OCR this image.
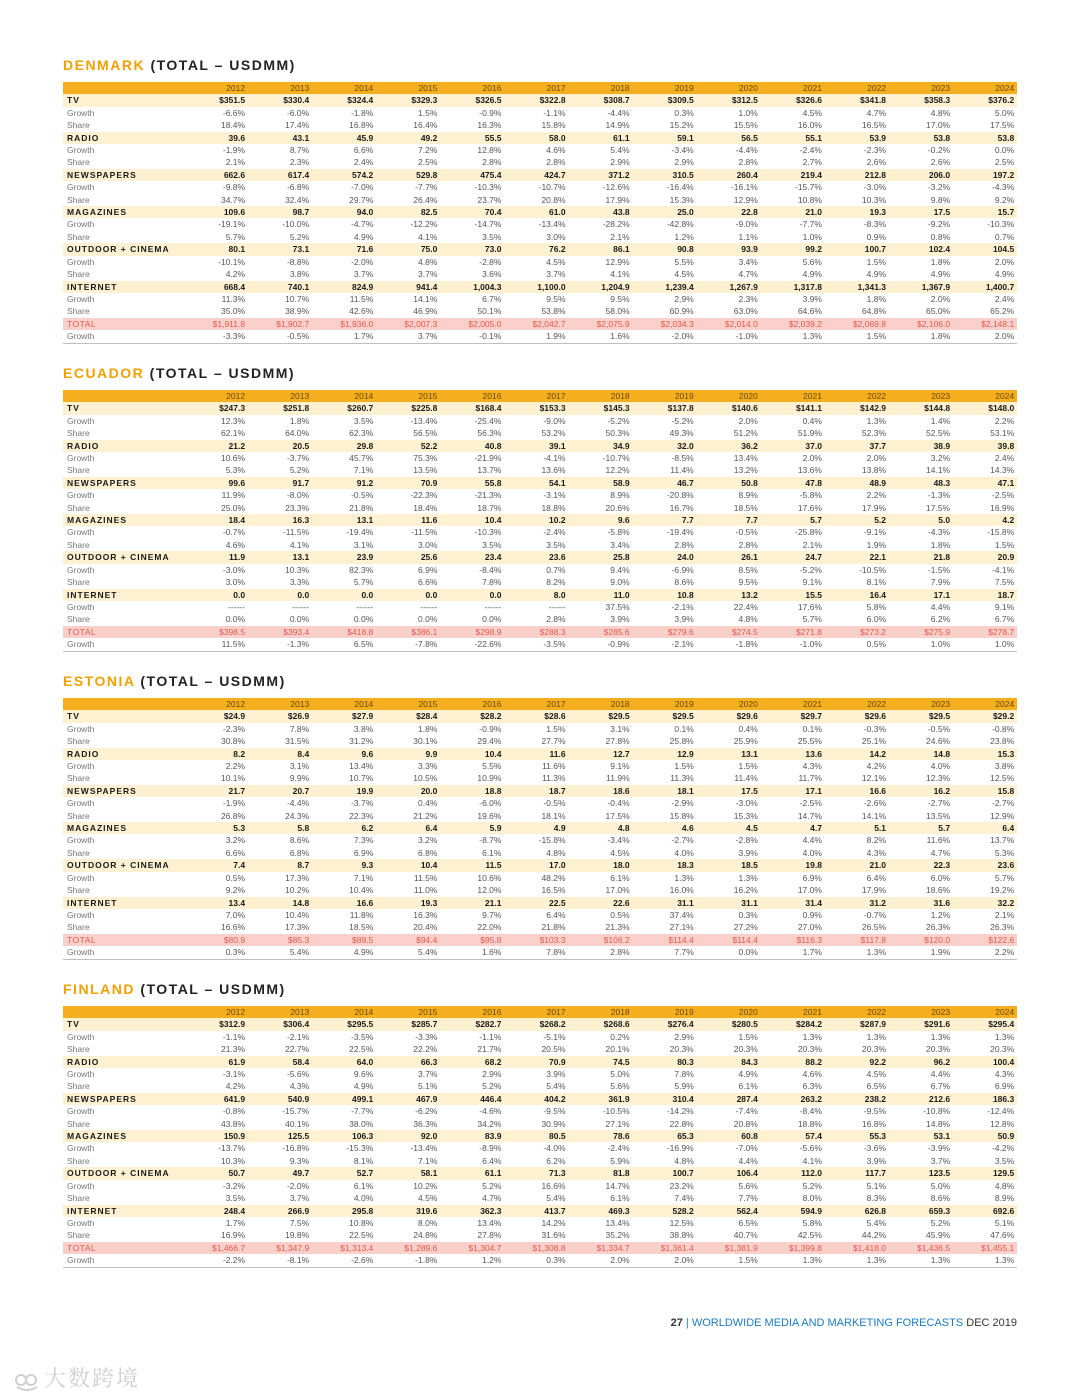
DENMARK (TOTAL – USDMM)
	2012	2013	2014	2015	2016	2017	2018	2019	2020	2021	2022	2023	2024
TV	$351.5	$330.4	$324.4	$329.3	$326.5	$322.8	$308.7	$309.5	$312.5	$326.6	$341.8	$358.3	$376.2
Growth	-6.6%	-6.0%	-1.8%	1.5%	-0.9%	-1.1%	-4.4%	0.3%	1.0%	4.5%	4.7%	4.8%	5.0%
Share	18.4%	17.4%	16.8%	16.4%	16.3%	15.8%	14.9%	15.2%	15.5%	16.0%	16.5%	17.0%	17.5%
RADIO	39.6	43.1	45.9	49.2	55.5	58.0	61.1	59.1	56.5	55.1	53.9	53.8	53.8
Growth	-1.9%	8.7%	6.6%	7.2%	12.8%	4.6%	5.4%	-3.4%	-4.4%	-2.4%	-2.3%	-0.2%	0.0%
Share	2.1%	2.3%	2.4%	2.5%	2.8%	2.8%	2.9%	2.9%	2.8%	2.7%	2.6%	2.6%	2.5%
NEWSPAPERS	662.6	617.4	574.2	529.8	475.4	424.7	371.2	310.5	260.4	219.4	212.8	206.0	197.2
Growth	-9.8%	-6.8%	-7.0%	-7.7%	-10.3%	-10.7%	-12.6%	-16.4%	-16.1%	-15.7%	-3.0%	-3.2%	-4.3%
Share	34.7%	32.4%	29.7%	26.4%	23.7%	20.8%	17.9%	15.3%	12.9%	10.8%	10.3%	9.8%	9.2%
MAGAZINES	109.6	98.7	94.0	82.5	70.4	61.0	43.8	25.0	22.8	21.0	19.3	17.5	15.7
Growth	-19.1%	-10.0%	-4.7%	-12.2%	-14.7%	-13.4%	-28.2%	-42.8%	-9.0%	-7.7%	-8.3%	-9.2%	-10.3%
Share	5.7%	5.2%	4.9%	4.1%	3.5%	3.0%	2.1%	1.2%	1.1%	1.0%	0.9%	0.8%	0.7%
OUTDOOR + CINEMA	80.1	73.1	71.6	75.0	73.0	76.2	86.1	90.8	93.9	99.2	100.7	102.4	104.5
Growth	-10.1%	-8.8%	-2.0%	4.8%	-2.8%	4.5%	12.9%	5.5%	3.4%	5.6%	1.5%	1.8%	2.0%
Share	4.2%	3.8%	3.7%	3.7%	3.6%	3.7%	4.1%	4.5%	4.7%	4.9%	4.9%	4.9%	4.9%
INTERNET	668.4	740.1	824.9	941.4	1,004.3	1,100.0	1,204.9	1,239.4	1,267.9	1,317.8	1,341.3	1,367.9	1,400.7
Growth	11.3%	10.7%	11.5%	14.1%	6.7%	9.5%	9.5%	2.9%	2.3%	3.9%	1.8%	2.0%	2.4%
Share	35.0%	38.9%	42.6%	46.9%	50.1%	53.8%	58.0%	60.9%	63.0%	64.6%	64.8%	65.0%	65.2%
TOTAL	$1,911.8	$1,902.7	$1,936.0	$2,007.3	$2,005.0	$2,042.7	$2,075.9	$2,034.3	$2,014.0	$2,039.2	$2,069.8	$2,106.0	$2,148.1
Growth	-3.3%	-0.5%	1.7%	3.7%	-0.1%	1.9%	1.6%	-2.0%	-1.0%	1.3%	1.5%	1.8%	2.0%
ECUADOR (TOTAL – USDMM)
	2012	2013	2014	2015	2016	2017	2018	2019	2020	2021	2022	2023	2024
TV	$247.3	$251.8	$260.7	$225.8	$168.4	$153.3	$145.3	$137.8	$140.6	$141.1	$142.9	$144.8	$148.0
Growth	12.3%	1.8%	3.5%	-13.4%	-25.4%	-9.0%	-5.2%	-5.2%	2.0%	0.4%	1.3%	1.4%	2.2%
Share	62.1%	64.0%	62.3%	56.5%	56.3%	53.2%	50.3%	49.3%	51.2%	51.9%	52.3%	52.5%	53.1%
RADIO	21.2	20.5	29.8	52.2	40.8	39.1	34.9	32.0	36.2	37.0	37.7	38.9	39.8
Growth	10.6%	-3.7%	45.7%	75.3%	-21.9%	-4.1%	-10.7%	-8.5%	13.4%	2.0%	2.0%	3.2%	2.4%
Share	5.3%	5.2%	7.1%	13.5%	13.7%	13.6%	12.2%	11.4%	13.2%	13.6%	13.8%	14.1%	14.3%
NEWSPAPERS	99.6	91.7	91.2	70.9	55.8	54.1	58.9	46.7	50.8	47.8	48.9	48.3	47.1
Growth	11.9%	-8.0%	-0.5%	-22.3%	-21.3%	-3.1%	8.9%	-20.8%	8.9%	-5.8%	2.2%	-1.3%	-2.5%
Share	25.0%	23.3%	21.8%	18.4%	18.7%	18.8%	20.6%	16.7%	18.5%	17.6%	17.9%	17.5%	16.9%
MAGAZINES	18.4	16.3	13.1	11.6	10.4	10.2	9.6	7.7	7.7	5.7	5.2	5.0	4.2
Growth	-0.7%	-11.5%	-19.4%	-11.5%	-10.3%	-2.4%	-5.8%	-19.4%	-0.5%	-25.8%	-9.1%	-4.3%	-15.8%
Share	4.6%	4.1%	3.1%	3.0%	3.5%	3.5%	3.4%	2.8%	2.8%	2.1%	1.9%	1.8%	1.5%
OUTDOOR + CINEMA	11.9	13.1	23.9	25.6	23.4	23.6	25.8	24.0	26.1	24.7	22.1	21.8	20.9
Growth	-3.0%	10.3%	82.3%	6.9%	-8.4%	0.7%	9.4%	-6.9%	8.5%	-5.2%	-10.5%	-1.5%	-4.1%
Share	3.0%	3.3%	5.7%	6.6%	7.8%	8.2%	9.0%	8.6%	9.5%	9.1%	8.1%	7.9%	7.5%
INTERNET	0.0	0.0	0.0	0.0	0.0	8.0	11.0	10.8	13.2	15.5	16.4	17.1	18.7
Growth	------	------	------	------	------	------	37.5%	-2.1%	22.4%	17.6%	5.8%	4.4%	9.1%
Share	0.0%	0.0%	0.0%	0.0%	0.0%	2.8%	3.9%	3.9%	4.8%	5.7%	6.0%	6.2%	6.7%
TOTAL	$398.5	$393.4	$418.8	$386.1	$298.9	$288.3	$285.6	$279.6	$274.5	$271.8	$273.2	$275.9	$278.7
Growth	11.5%	-1.3%	6.5%	-7.8%	-22.6%	-3.5%	-0.9%	-2.1%	-1.8%	-1.0%	0.5%	1.0%	1.0%
ESTONIA (TOTAL – USDMM)
	2012	2013	2014	2015	2016	2017	2018	2019	2020	2021	2022	2023	2024
TV	$24.9	$26.9	$27.9	$28.4	$28.2	$28.6	$29.5	$29.5	$29.6	$29.7	$29.6	$29.5	$29.2
Growth	-2.3%	7.8%	3.8%	1.8%	-0.9%	1.5%	3.1%	0.1%	0.4%	0.1%	-0.3%	-0.5%	-0.8%
Share	30.8%	31.5%	31.2%	30.1%	29.4%	27.7%	27.8%	25.8%	25.9%	25.5%	25.1%	24.6%	23.8%
RADIO	8.2	8.4	9.6	9.9	10.4	11.6	12.7	12.9	13.1	13.6	14.2	14.8	15.3
Growth	2.2%	3.1%	13.4%	3.3%	5.5%	11.6%	9.1%	1.5%	1.5%	4.3%	4.2%	4.0%	3.8%
Share	10.1%	9.9%	10.7%	10.5%	10.9%	11.3%	11.9%	11.3%	11.4%	11.7%	12.1%	12.3%	12.5%
NEWSPAPERS	21.7	20.7	19.9	20.0	18.8	18.7	18.6	18.1	17.5	17.1	16.6	16.2	15.8
Growth	-1.9%	-4.4%	-3.7%	0.4%	-6.0%	-0.5%	-0.4%	-2.9%	-3.0%	-2.5%	-2.6%	-2.7%	-2.7%
Share	26.8%	24.3%	22.3%	21.2%	19.6%	18.1%	17.5%	15.8%	15.3%	14.7%	14.1%	13.5%	12.9%
MAGAZINES	5.3	5.8	6.2	6.4	5.9	4.9	4.8	4.6	4.5	4.7	5.1	5.7	6.4
Growth	3.2%	8.6%	7.3%	3.2%	-8.7%	-15.8%	-3.4%	-2.7%	-2.8%	4.4%	8.2%	11.6%	13.7%
Share	6.6%	6.8%	6.9%	6.8%	6.1%	4.8%	4.5%	4.0%	3.9%	4.0%	4.3%	4.7%	5.3%
OUTDOOR + CINEMA	7.4	8.7	9.3	10.4	11.5	17.0	18.0	18.3	18.5	19.8	21.0	22.3	23.6
Growth	0.5%	17.3%	7.1%	11.5%	10.6%	48.2%	6.1%	1.3%	1.3%	6.9%	6.4%	6.0%	5.7%
Share	9.2%	10.2%	10.4%	11.0%	12.0%	16.5%	17.0%	16.0%	16.2%	17.0%	17.9%	18.6%	19.2%
INTERNET	13.4	14.8	16.6	19.3	21.1	22.5	22.6	31.1	31.1	31.4	31.2	31.6	32.2
Growth	7.0%	10.4%	11.8%	16.3%	9.7%	6.4%	0.5%	37.4%	0.3%	0.9%	-0.7%	1.2%	2.1%
Share	16.6%	17.3%	18.5%	20.4%	22.0%	21.8%	21.3%	27.1%	27.2%	27.0%	26.5%	26.3%	26.3%
TOTAL	$80.9	$85.3	$89.5	$94.4	$95.8	$103.3	$106.2	$114.4	$114.4	$116.3	$117.8	$120.0	$122.6
Growth	0.3%	5.4%	4.9%	5.4%	1.6%	7.8%	2.8%	7.7%	0.0%	1.7%	1.3%	1.9%	2.2%
FINLAND (TOTAL – USDMM)
	2012	2013	2014	2015	2016	2017	2018	2019	2020	2021	2022	2023	2024
TV	$312.9	$306.4	$295.5	$285.7	$282.7	$268.2	$268.6	$276.4	$280.5	$284.2	$287.9	$291.6	$295.4
Growth	-1.1%	-2.1%	-3.5%	-3.3%	-1.1%	-5.1%	0.2%	2.9%	1.5%	1.3%	1.3%	1.3%	1.3%
Share	21.3%	22.7%	22.5%	22.2%	21.7%	20.5%	20.1%	20.3%	20.3%	20.3%	20.3%	20.3%	20.3%
RADIO	61.9	58.4	64.0	66.3	68.2	70.9	74.5	80.3	84.3	88.2	92.2	96.2	100.4
Growth	-3.1%	-5.6%	9.6%	3.7%	2.9%	3.9%	5.0%	7.8%	4.9%	4.6%	4.5%	4.4%	4.3%
Share	4.2%	4.3%	4.9%	5.1%	5.2%	5.4%	5.6%	5.9%	6.1%	6.3%	6.5%	6.7%	6.9%
NEWSPAPERS	641.9	540.9	499.1	467.9	446.4	404.2	361.9	310.4	287.4	263.2	238.2	212.6	186.3
Growth	-0.8%	-15.7%	-7.7%	-6.2%	-4.6%	-9.5%	-10.5%	-14.2%	-7.4%	-8.4%	-9.5%	-10.8%	-12.4%
Share	43.8%	40.1%	38.0%	36.3%	34.2%	30.9%	27.1%	22.8%	20.8%	18.8%	16.8%	14.8%	12.8%
MAGAZINES	150.9	125.5	106.3	92.0	83.9	80.5	78.6	65.3	60.8	57.4	55.3	53.1	50.9
Growth	-13.7%	-16.8%	-15.3%	-13.4%	-8.9%	-4.0%	-2.4%	-16.9%	-7.0%	-5.6%	-3.6%	-3.9%	-4.2%
Share	10.3%	9.3%	8.1%	7.1%	6.4%	6.2%	5.9%	4.8%	4.4%	4.1%	3.9%	3.7%	3.5%
OUTDOOR + CINEMA	50.7	49.7	52.7	58.1	61.1	71.3	81.8	100.7	106.4	112.0	117.7	123.5	129.5
Growth	-3.2%	-2.0%	6.1%	10.2%	5.2%	16.6%	14.7%	23.2%	5.6%	5.2%	5.1%	5.0%	4.8%
Share	3.5%	3.7%	4.0%	4.5%	4.7%	5.4%	6.1%	7.4%	7.7%	8.0%	8.3%	8.6%	8.9%
INTERNET	248.4	266.9	295.8	319.6	362.3	413.7	469.3	528.2	562.4	594.9	626.8	659.3	692.6
Growth	1.7%	7.5%	10.8%	8.0%	13.4%	14.2%	13.4%	12.5%	6.5%	5.8%	5.4%	5.2%	5.1%
Share	16.9%	19.8%	22.5%	24.8%	27.8%	31.6%	35.2%	38.8%	40.7%	42.5%	44.2%	45.9%	47.6%
TOTAL	$1,466.7	$1,347.9	$1,313.4	$1,289.6	$1,304.7	$1,308.8	$1,334.7	$1,361.4	$1,381.9	$1,399.8	$1,418.0	$1,436.5	$1,455.1
Growth	-2.2%	-8.1%	-2.6%	-1.8%	1.2%	0.3%	2.0%	2.0%	1.5%	1.3%	1.3%	1.3%	1.3%
27 | WORLDWIDE MEDIA AND MARKETING FORECASTS DEC 2019
大数跨境
